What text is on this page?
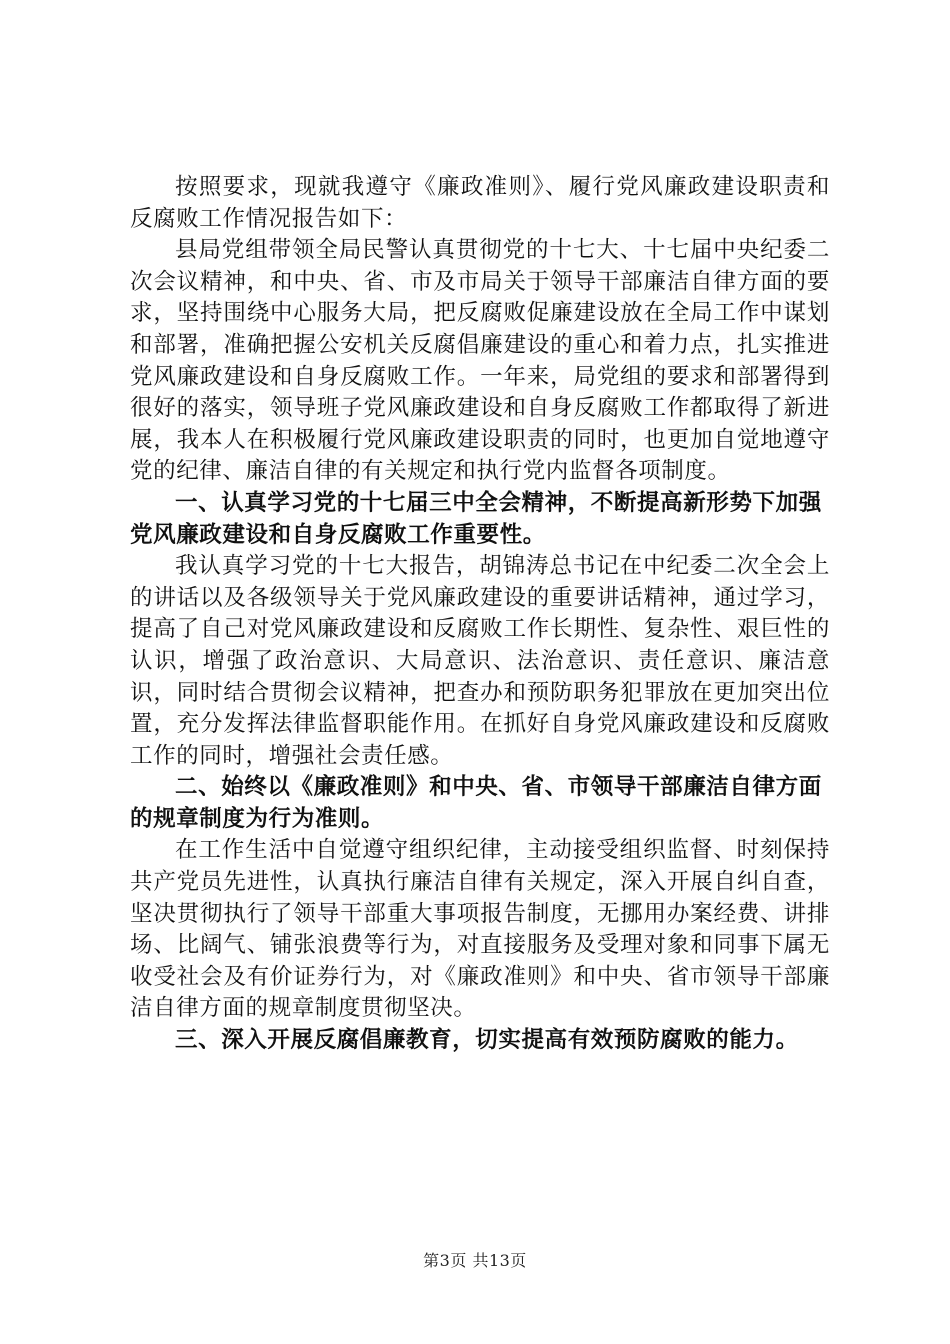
按照要求，现就我遵守《廉政准则》、履行党风廉政建设职责和反腐败工作情况报告如下：

县局党组带领全局民警认真贯彻党的十七大、十七届中央纪委二次会议精神，和中央、省、市及市局关于领导干部廉洁自律方面的要求，坚持围绕中心服务大局，把反腐败促廉建设放在全局工作中谋划和部署，准确把握公安机关反腐倡廉建设的重心和着力点，扎实推进党风廉政建设和自身反腐败工作。一年来，局党组的要求和部署得到很好的落实，领导班子党风廉政建设和自身反腐败工作都取得了新进展，我本人在积极履行党风廉政建设职责的同时，也更加自觉地遵守党的纪律、廉洁自律的有关规定和执行党内监督各项制度。

一、认真学习党的十七届三中全会精神，不断提高新形势下加强党风廉政建设和自身反腐败工作重要性。

我认真学习党的十七大报告，胡锦涛总书记在中纪委二次全会上的讲话以及各级领导关于党风廉政建设的重要讲话精神，通过学习，提高了自己对党风廉政建设和反腐败工作长期性、复杂性、艰巨性的认识，增强了政治意识、大局意识、法治意识、责任意识、廉洁意识，同时结合贯彻会议精神，把查办和预防职务犯罪放在更加突出位置，充分发挥法律监督职能作用。在抓好自身党风廉政建设和反腐败工作的同时，增强社会责任感。

二、始终以《廉政准则》和中央、省、市领导干部廉洁自律方面的规章制度为行为准则。

在工作生活中自觉遵守组织纪律，主动接受组织监督、时刻保持共产党员先进性，认真执行廉洁自律有关规定，深入开展自纠自查，坚决贯彻执行了领导干部重大事项报告制度，无挪用办案经费、讲排场、比阔气、铺张浪费等行为，对直接服务及受理对象和同事下属无收受社会及有价证券行为，对《廉政准则》和中央、省市领导干部廉洁自律方面的规章制度贯彻坚决。

三、深入开展反腐倡廉教育，切实提高有效预防腐败的能力。

第3页 共13页
